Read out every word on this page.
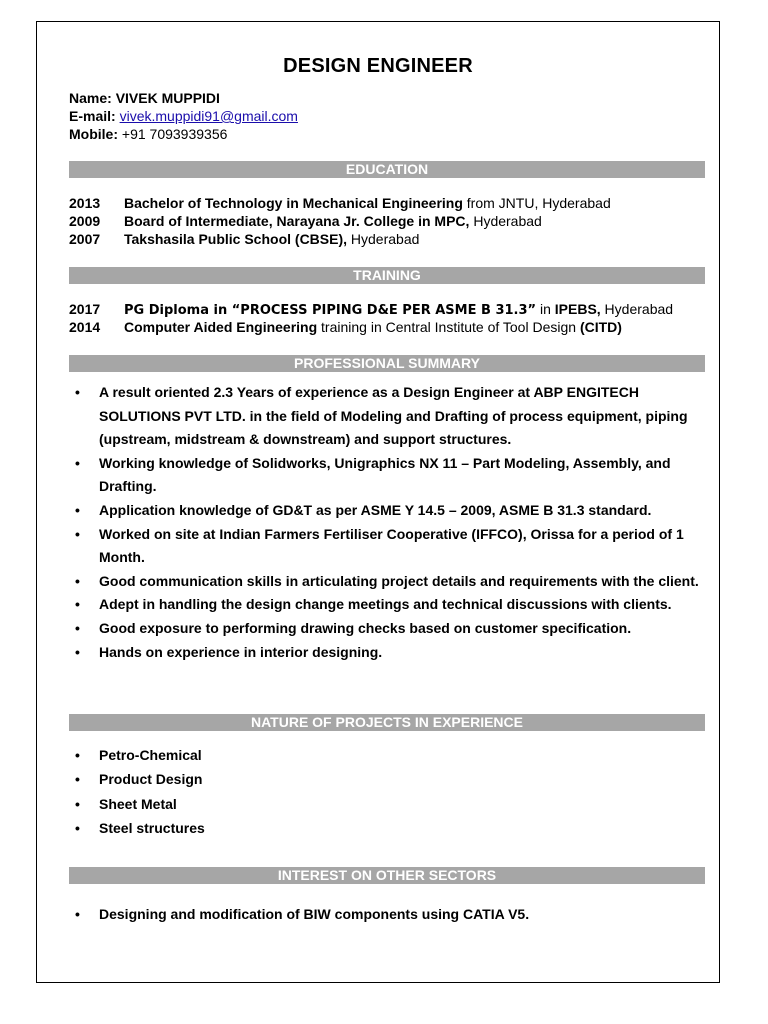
DESIGN ENGINEER
Name: VIVEK MUPPIDI
E-mail: vivek.muppidi91@gmail.com
Mobile: +91 7093939356
EDUCATION
2013 Bachelor of Technology in Mechanical Engineering from JNTU, Hyderabad
2009 Board of Intermediate, Narayana Jr. College in MPC, Hyderabad
2007 Takshasila Public School (CBSE), Hyderabad
TRAINING
2017 PG Diploma in “PROCESS PIPING D&E PER ASME B 31.3” in IPEBS, Hyderabad
2014 Computer Aided Engineering training in Central Institute of Tool Design (CITD)
PROFESSIONAL SUMMARY
• A result oriented 2.3 Years of experience as a Design Engineer at ABP ENGITECH SOLUTIONS PVT LTD. in the field of Modeling and Drafting of process equipment, piping (upstream, midstream & downstream) and support structures.
• Working knowledge of Solidworks, Unigraphics NX 11 – Part Modeling, Assembly, and Drafting.
• Application knowledge of GD&T as per ASME Y 14.5 – 2009, ASME B 31.3 standard.
• Worked on site at Indian Farmers Fertiliser Cooperative (IFFCO), Orissa for a period of 1 Month.
• Good communication skills in articulating project details and requirements with the client.
• Adept in handling the design change meetings and technical discussions with clients.
• Good exposure to performing drawing checks based on customer specification.
• Hands on experience in interior designing.
NATURE OF PROJECTS IN EXPERIENCE
• Petro-Chemical
• Product Design
• Sheet Metal
• Steel structures
INTEREST ON OTHER SECTORS
• Designing and modification of BIW components using CATIA V5.
